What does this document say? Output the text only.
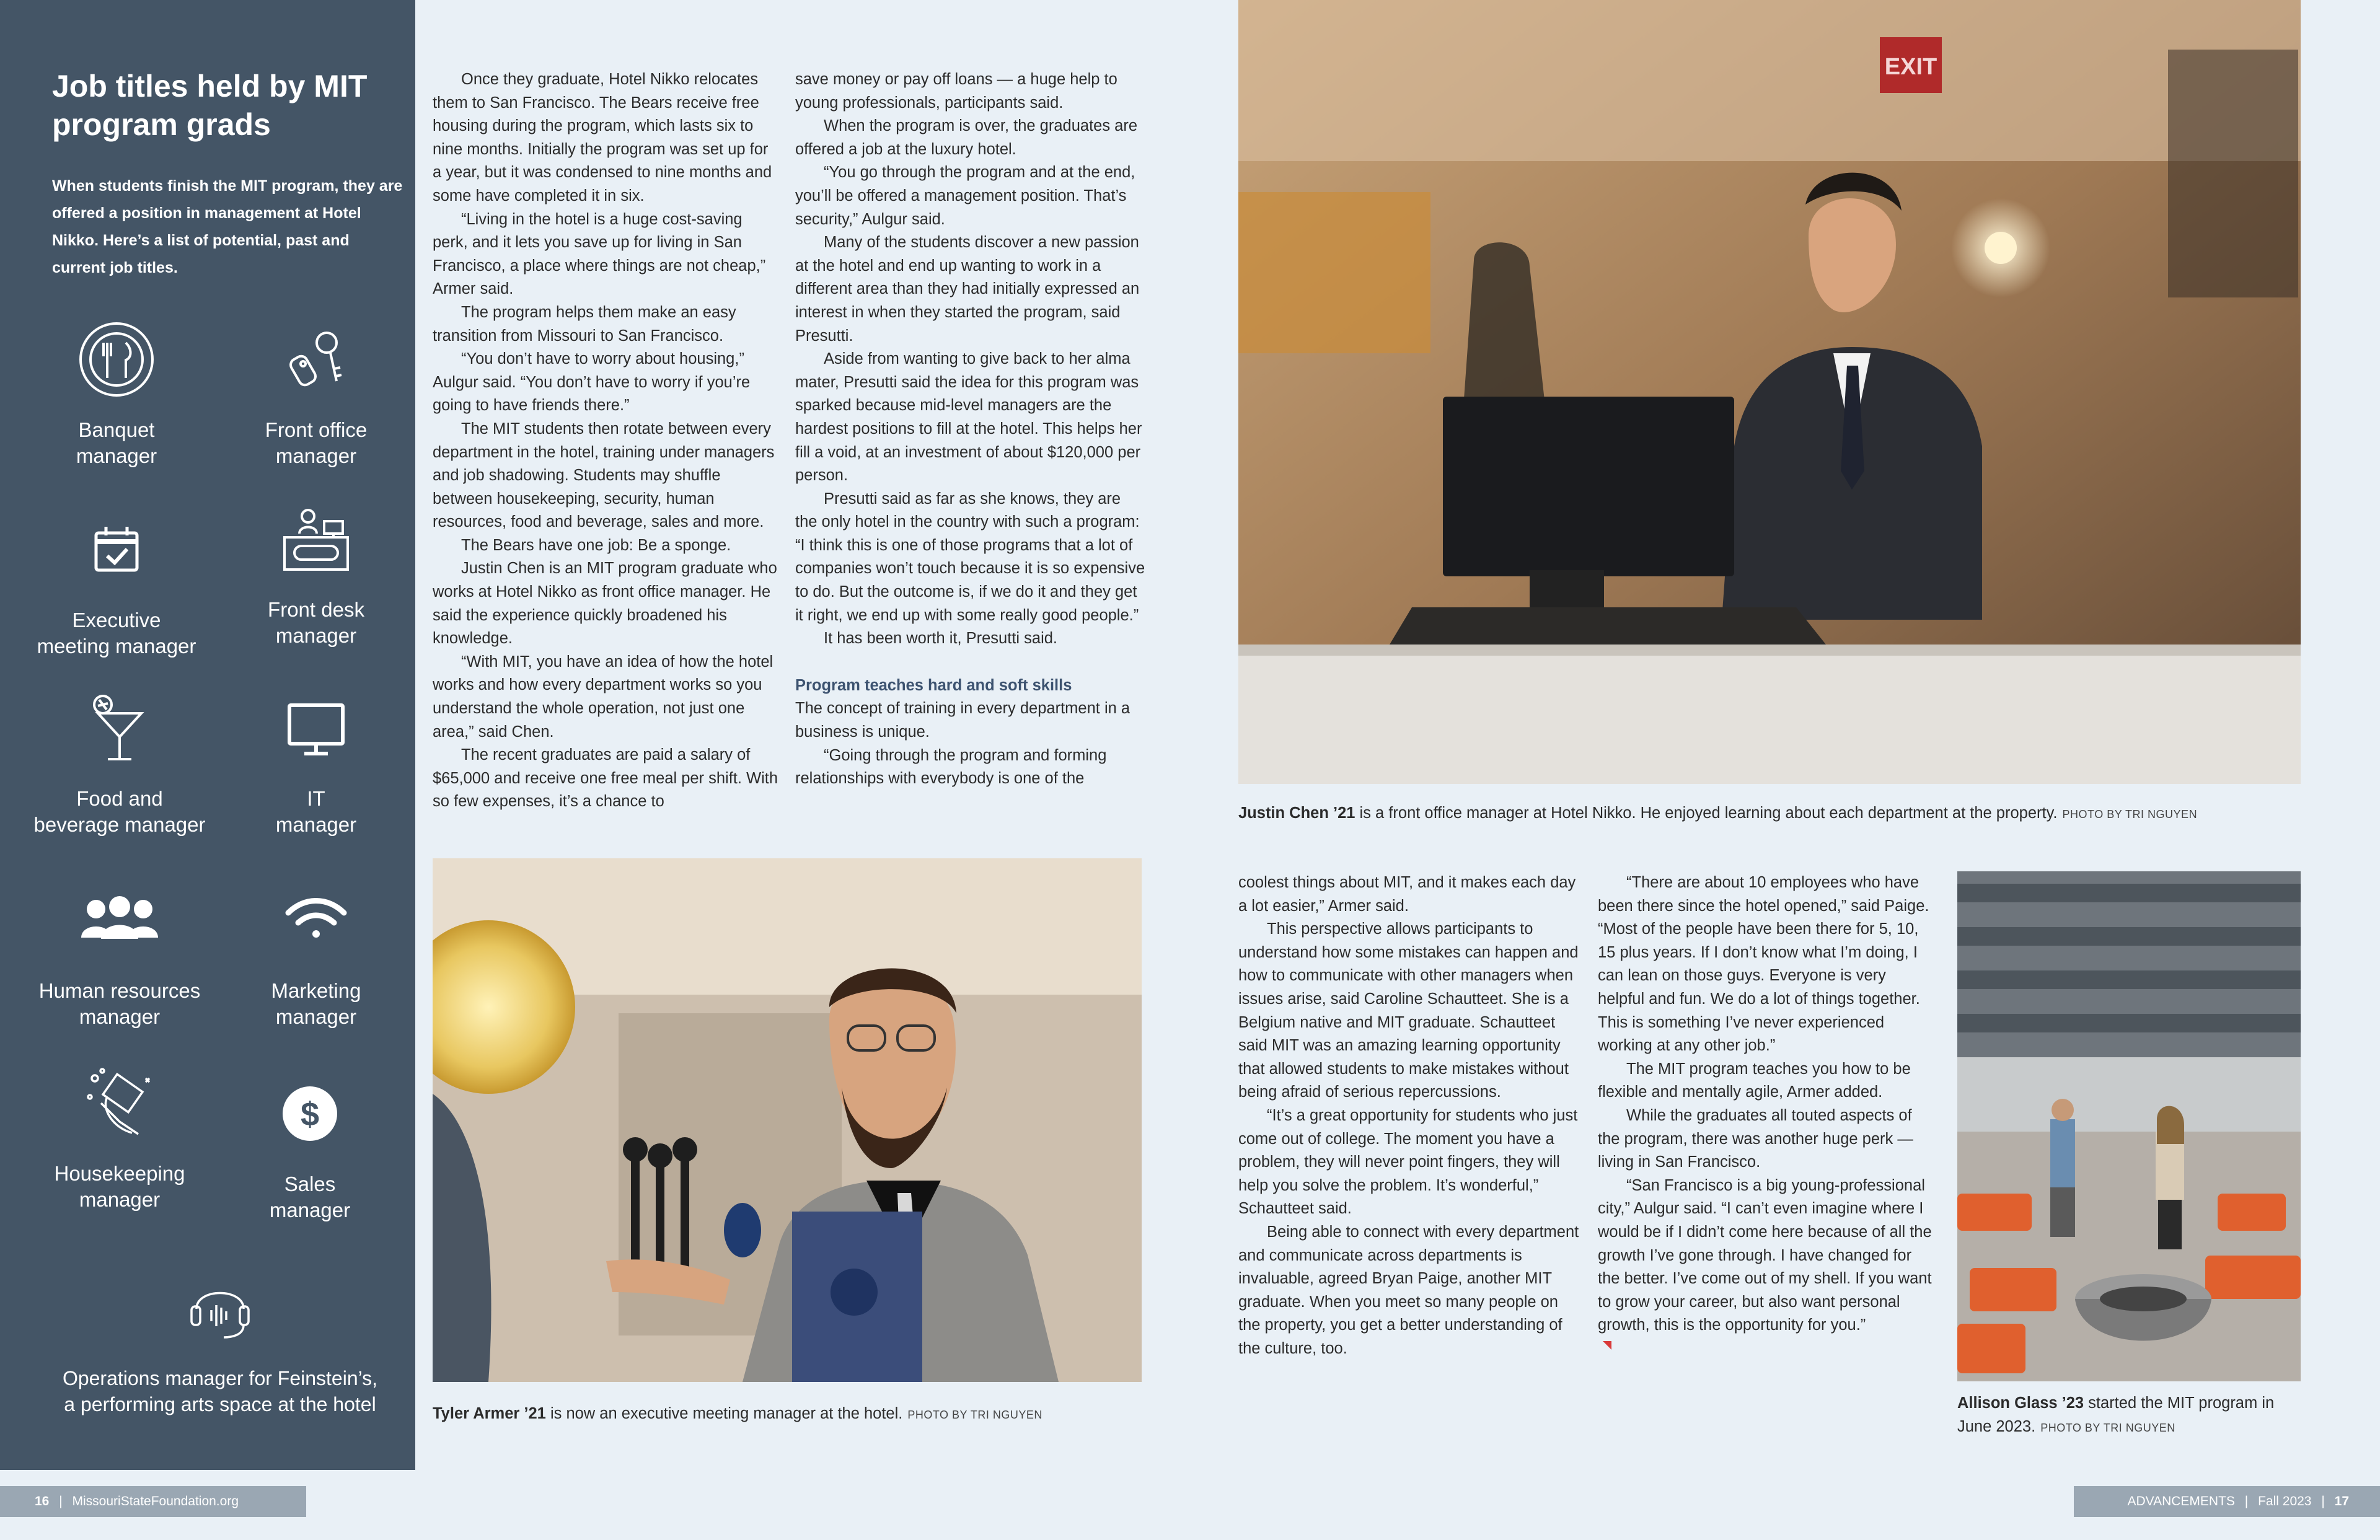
Job titles held by MIT program grads
When students finish the MIT program, they are offered a position in management at Hotel Nikko. Here’s a list of potential, past and current job titles.
Banquet
manager
Front office
manager
Executive
meeting manager
Front desk
manager
Food and
beverage manager
IT
manager
Human resources
manager
Marketing
manager
Housekeeping
manager
$
Sales
manager
Operations manager for Feinstein’s,
a performing arts space at the hotel

Once they graduate, Hotel Nikko relocates them to San Francisco. The Bears receive free housing during the program, which lasts six to nine months. Initially the program was set up for a year, but it was condensed to nine months and some have completed it in six.

“Living in the hotel is a huge cost-saving perk, and it lets you save up for living in San Francisco, a place where things are not cheap,” Armer said.

The program helps them make an easy transition from Missouri to San Francisco.

“You don’t have to worry about housing,” Aulgur said. “You don’t have to worry if you’re going to have friends there.”

The MIT students then rotate between every department in the hotel, training under managers and job shadowing. Students may shuffle between housekeeping, security, human resources, food and beverage, sales and more.

The Bears have one job: Be a sponge.

Justin Chen is an MIT program graduate who works at Hotel Nikko as front office manager. He said the experience quickly broadened his knowledge.

“With MIT, you have an idea of how the hotel works and how every department works so you understand the whole operation, not just one area,” said Chen.

The recent graduates are paid a salary of $65,000 and receive one free meal per shift. With so few expenses, it’s a chance to

save money or pay off loans — a huge help to young professionals, participants said.

When the program is over, the graduates are offered a job at the luxury hotel.

“You go through the program and at the end, you’ll be offered a management position. That’s security,” Aulgur said.

Many of the students discover a new passion at the hotel and end up wanting to work in a different area than they had initially expressed an interest in when they started the program, said Presutti.

Aside from wanting to give back to her alma mater, Presutti said the idea for this program was sparked because mid-level managers are the hardest positions to fill at the hotel. This helps her fill a void, at an investment of about $120,000 per person.

Presutti said as far as she knows, they are the only hotel in the country with such a program: “I think this is one of those programs that a lot of companies won’t touch because it is so expensive to do. But the outcome is, if we do it and they get it right, we end up with some really good people.”

It has been worth it, Presutti said.

Program teaches hard and soft skills

The concept of training in every department in a business is unique.

“Going through the program and forming relationships with everybody is one of the

EXIT
Justin Chen ’21 is a front office manager at Hotel Nikko. He enjoyed learning about each department at the property. PHOTO BY TRI NGUYEN
Tyler Armer ’21 is now an executive meeting manager at the hotel. PHOTO BY TRI NGUYEN

coolest things about MIT, and it makes each day a lot easier,” Armer said.

This perspective allows participants to understand how some mistakes can happen and how to communicate with other managers when issues arise, said Caroline Schautteet. She is a Belgium native and MIT graduate. Schautteet said MIT was an amazing learning opportunity that allowed students to make mistakes without being afraid of serious repercussions.

“It’s a great opportunity for students who just come out of college. The moment you have a problem, they will never point fingers, they will help you solve the problem. It’s wonderful,” Schautteet said.

Being able to connect with every department and communicate across departments is invaluable, agreed Bryan Paige, another MIT graduate. When you meet so many people on the property, you get a better understanding of the culture, too.

“There are about 10 employees who have been there since the hotel opened,” said Paige. “Most of the people have been there for 5, 10, 15 plus years. If I don’t know what I’m doing, I can lean on those guys. Everyone is very helpful and fun. We do a lot of things together.

This is something I’ve never experienced working at any other job.”

The MIT program teaches you how to be flexible and mentally agile, Armer added.

While the graduates all touted aspects of the program, there was another huge perk — living in San Francisco.

“San Francisco is a big young-professional city,” Aulgur said. “I can’t even imagine where I would be if I didn’t come here because of all the growth I’ve gone through. I have changed for the better. I’ve come out of my shell. If you want to grow your career, but also want personal growth, this is the opportunity for you.”

Allison Glass ’23 started the MIT program in June 2023. PHOTO BY TRI NGUYEN
16 | MissouriStateFoundation.org	ADVANCEMENTS | Fall 2023 | 17
